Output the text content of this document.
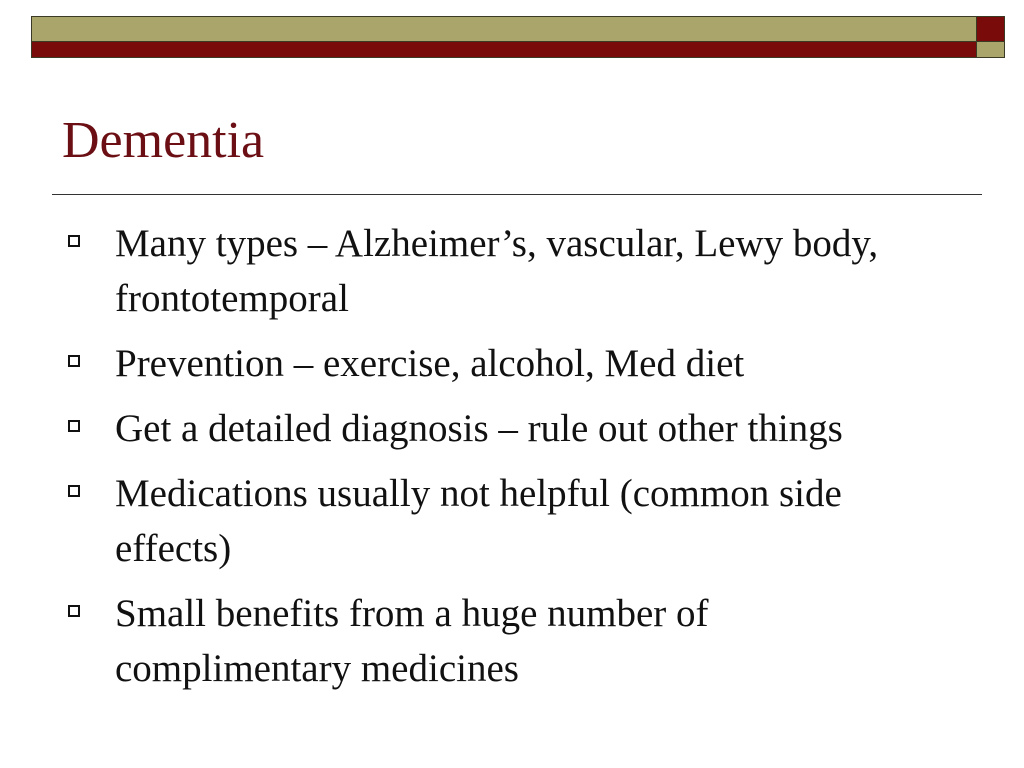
Dementia
Many types – Alzheimer’s, vascular, Lewy body, frontotemporal
Prevention – exercise, alcohol, Med diet
Get a detailed diagnosis – rule out other things
Medications usually not helpful (common side effects)
Small benefits from a huge number of complimentary medicines
